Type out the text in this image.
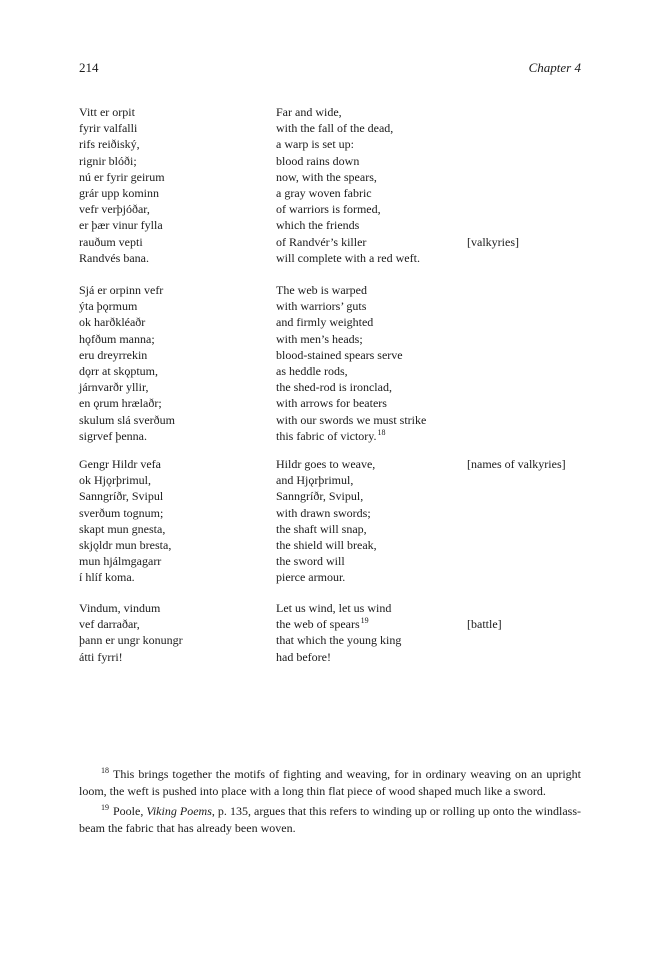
214	Chapter 4
Vitt er orpit
fyrir valfalli
rifs reiðiský,
rignir blóði;
nú er fyrir geirum
grár upp kominn
vefr verþjóðar,
er þær vinur fylla
rauðum vepti
Randvés bana.
Far and wide,
with the fall of the dead,
a warp is set up:
blood rains down
now, with the spears,
a gray woven fabric
of warriors is formed,
which the friends
of Randvér’s killer
will complete with a red weft.
[valkyries]
Sjá er orpinn vefr
ýta þǫrmum
ok harðkléaðr
hǫfðum manna;
eru dreyrrekin
dǫrr at skǫptum,
járnvarðr yllir,
en ǫrum hrælaðr;
skulum slá sverðum
sigrvef þenna.
The web is warped
with warriors’ guts
and firmly weighted
with men’s heads;
blood-stained spears serve
as heddle rods,
the shed-rod is ironclad,
with arrows for beaters
with our swords we must strike
this fabric of victory.$^{18}$
Gengr Hildr vefa
ok Hjǫrþrimul,
Sanngríðr, Svipul
sverðum tognum;
skapt mun gnesta,
skjǫldr mun bresta,
mun hjálmgagarr
í hlíf koma.
Hildr goes to weave,
and Hjǫrþrimul,
Sanngríðr, Svipul,
with drawn swords;
the shaft will snap,
the shield will break,
the sword will
pierce armour.
[names of valkyries]
Vindum, vindum
vef darraðar,
þann er ungr konungr
átti fyrri!
Let us wind, let us wind
the web of spears$^{19}$
that which the young king
had before!
[battle]

$^{18}$ This brings together the motifs of fighting and weaving, for in ordinary weaving on an upright loom, the weft is pushed into place with a long thin flat piece of wood shaped much like a sword.

$^{19}$ Poole, Viking Poems, p. 135, argues that this refers to winding up or rolling up onto the windlass-beam the fabric that has already been woven.
